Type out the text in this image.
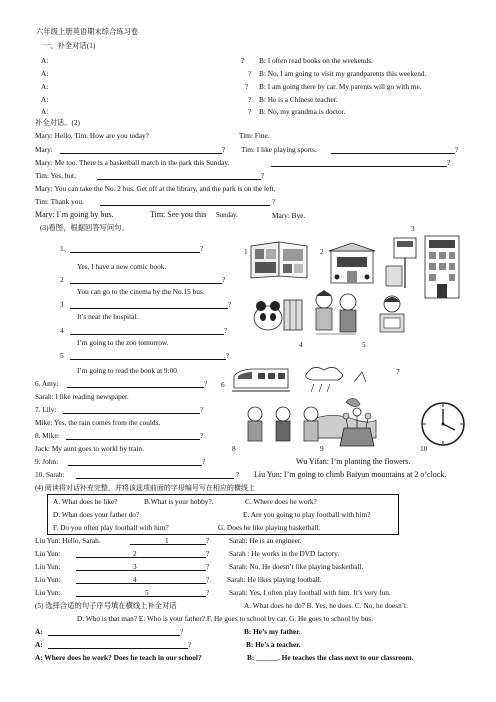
六年级上册英语期末综合练习卷
一、补全对话(1)
A:	? B: I often read books on the weekends.
A:	? B: No, I am going to visit my grandparents this weekend.
A:	? B: I am going there by car. My parents will go with me.
A:	? B: He is a Chinese teacher.
A:	? B: No, my grandma is doctor.
补全对话。(2)
Mary: Hello, Tim. How are you today?	Tim: Fine.
Mary:	? Tim: I like playing sports.	?
Mary: Me too. There is a basketball match in the park this Sunday.	?
Tim: Yes, but,	?
Mary: You can take the No. 2 bus. Get off at the library, and the park is on the left.
Tim: Thank you.	?
Mary: I`m going by bus.	Tim: See you this Sunday.	Mary: Bye.
(3)看图，根据回答写问句。
1、	?
Yes, I have a new comic book.
2	?
You can go to the cinema by the No.15 bus.
3	?
It’s near the hospital.
4	?
I’m going to the zoo tomorrow.
5	?
I’m going to read the book at 9:00.
6. Amy:	?
Sarah: I like reading newspaper.
7. Lily:	?
Mike: Yes, the rain comes from the coulds.
8. Mike:	?
Jack: My aunt goes to workl by train.
9. John:	?	Wu Yifan: I’m planting the flowers.
10. Sarah:	? Liu Yun: I’m going to climb Baiyun mountains at 2 o’clock.
3
1	2
4	5
6
7
8	9	10
(4) 阅读将对话补充完整，并将该选项前面的字母编号写在相应的横线上
A. What does he like?	B.What is your hobby?.	C. Where does he work?
D. What does your father do?	E. Are you going to play football with him?
F. Do you often play football with him?	G. Does he like playing basketball.
Liu Yun: Hello, Sarah.	1	?	Sarah: He is an engineer.
Liu Yun:	2	?	Sarah : He works in the DVD factory.
Liu Yun:	3	?	Sarah: No. He doesn’t like playing basketball.
Liu Yun:	4	?. Sarah: He likes playing football.
Liu Yun:	5	?	Sarah: Yes, I often play football with him. It’s very fun.
(5) 选择合适的句子序号填在横线上补全对话	A. What does he do? B. Yes, he does. C. No, he doesn’t.
D. Who is that man? E. Who is your father? F. He goes to school by car. G. He goes to school by bus.
A:	?	B: He’s my father.
A:	?	B: He’s a teacher.
A: Where does he work? Does he teach in our school?	B: ______. He teaches the class next to our classroom.
